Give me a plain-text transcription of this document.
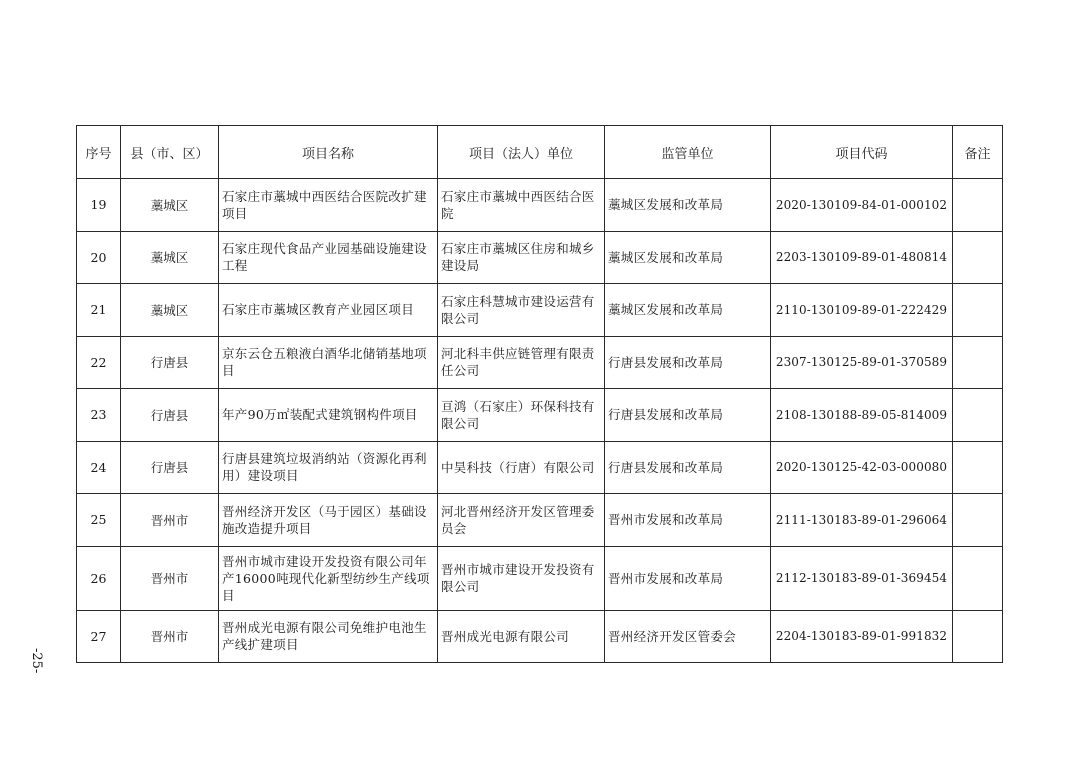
-25-
序号	县（市、区）	项目名称	项目（法人）单位	监管单位	项目代码	备注
19	藁城区	石家庄市藁城中西医结合医院改扩建项目	石家庄市藁城中西医结合医院	藁城区发展和改革局	2020-130109-84-01-000102	
20	藁城区	石家庄现代食品产业园基础设施建设工程	石家庄市藁城区住房和城乡建设局	藁城区发展和改革局	2203-130109-89-01-480814	
21	藁城区	石家庄市藁城区教育产业园区项目	石家庄科慧城市建设运营有限公司	藁城区发展和改革局	2110-130109-89-01-222429	
22	行唐县	京东云仓五粮液白酒华北储销基地项目	河北科丰供应链管理有限责任公司	行唐县发展和改革局	2307-130125-89-01-370589	
23	行唐县	年产90万㎡装配式建筑钢构件项目	亘鸿（石家庄）环保科技有限公司	行唐县发展和改革局	2108-130188-89-05-814009	
24	行唐县	行唐县建筑垃圾消纳站（资源化再利用）建设项目	中昊科技（行唐）有限公司	行唐县发展和改革局	2020-130125-42-03-000080	
25	晋州市	晋州经济开发区（马于园区）基础设施改造提升项目	河北晋州经济开发区管理委员会	晋州市发展和改革局	2111-130183-89-01-296064	
26	晋州市	晋州市城市建设开发投资有限公司年产16000吨现代化新型纺纱生产线项目	晋州市城市建设开发投资有限公司	晋州市发展和改革局	2112-130183-89-01-369454	
27	晋州市	晋州成光电源有限公司免维护电池生产线扩建项目	晋州成光电源有限公司	晋州经济开发区管委会	2204-130183-89-01-991832	
